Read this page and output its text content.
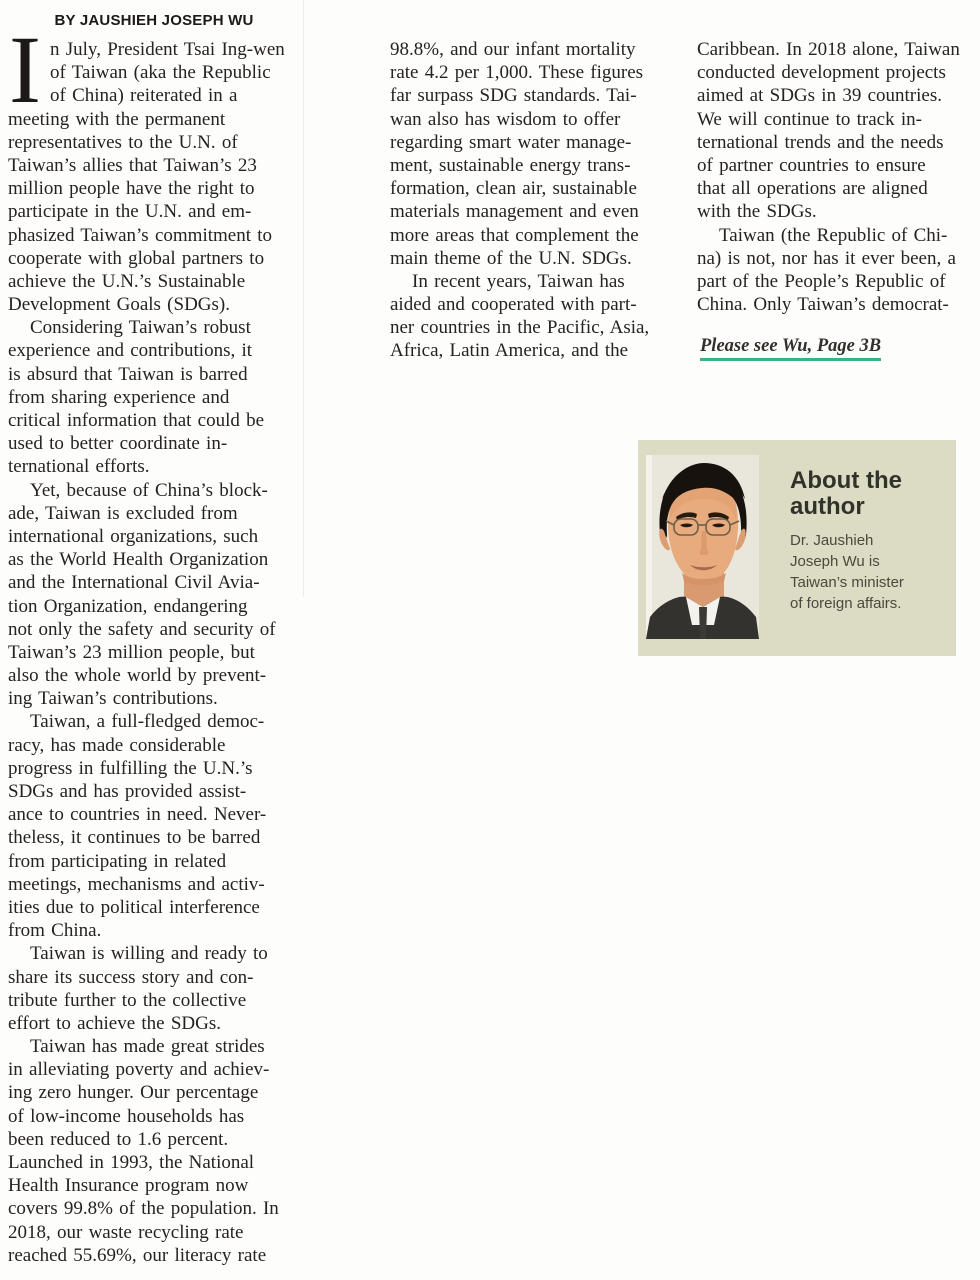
BY JAUSHIEH JOSEPH WU
I n July, President Tsai Ing-wen
of Taiwan (aka the Republic
of China) reiterated in a
meeting with the permanent
representatives to the U.N. of
Taiwan’s allies that Taiwan’s 23
million people have the right to
participate in the U.N. and em-
phasized Taiwan’s commitment to
cooperate with global partners to
achieve the U.N.’s Sustainable
Development Goals (SDGs).
Considering Taiwan’s robust
experience and contributions, it
is absurd that Taiwan is barred
from sharing experience and
critical information that could be
used to better coordinate in-
ternational efforts.
Yet, because of China’s block-
ade, Taiwan is excluded from
international organizations, such
as the World Health Organization
and the International Civil Avia-
tion Organization, endangering
not only the safety and security of
Taiwan’s 23 million people, but
also the whole world by prevent-
ing Taiwan’s contributions.
Taiwan, a full-fledged democ-
racy, has made considerable
progress in fulfilling the U.N.’s
SDGs and has provided assist-
ance to countries in need. Never-
theless, it continues to be barred
from participating in related
meetings, mechanisms and activ-
ities due to political interference
from China.
Taiwan is willing and ready to
share its success story and con-
tribute further to the collective
effort to achieve the SDGs.
Taiwan has made great strides
in alleviating poverty and achiev-
ing zero hunger. Our percentage
of low-income households has
been reduced to 1.6 percent.
Launched in 1993, the National
Health Insurance program now
covers 99.8% of the population. In
2018, our waste recycling rate
reached 55.69%, our literacy rate
98.8%, and our infant mortality
rate 4.2 per 1,000. These figures
far surpass SDG standards. Tai-
wan also has wisdom to offer
regarding smart water manage-
ment, sustainable energy trans-
formation, clean air, sustainable
materials management and even
more areas that complement the
main theme of the U.N. SDGs.
In recent years, Taiwan has
aided and cooperated with part-
ner countries in the Pacific, Asia,
Africa, Latin America, and the
Caribbean. In 2018 alone, Taiwan
conducted development projects
aimed at SDGs in 39 countries.
We will continue to track in-
ternational trends and the needs
of partner countries to ensure
that all operations are aligned
with the SDGs.
Taiwan (the Republic of Chi-
na) is not, nor has it ever been, a
part of the People’s Republic of
China. Only Taiwan’s democrat-
Please see Wu, Page 3B
About the author
Dr. Jaushieh Joseph Wu is Taiwan’s minister of foreign affairs.
